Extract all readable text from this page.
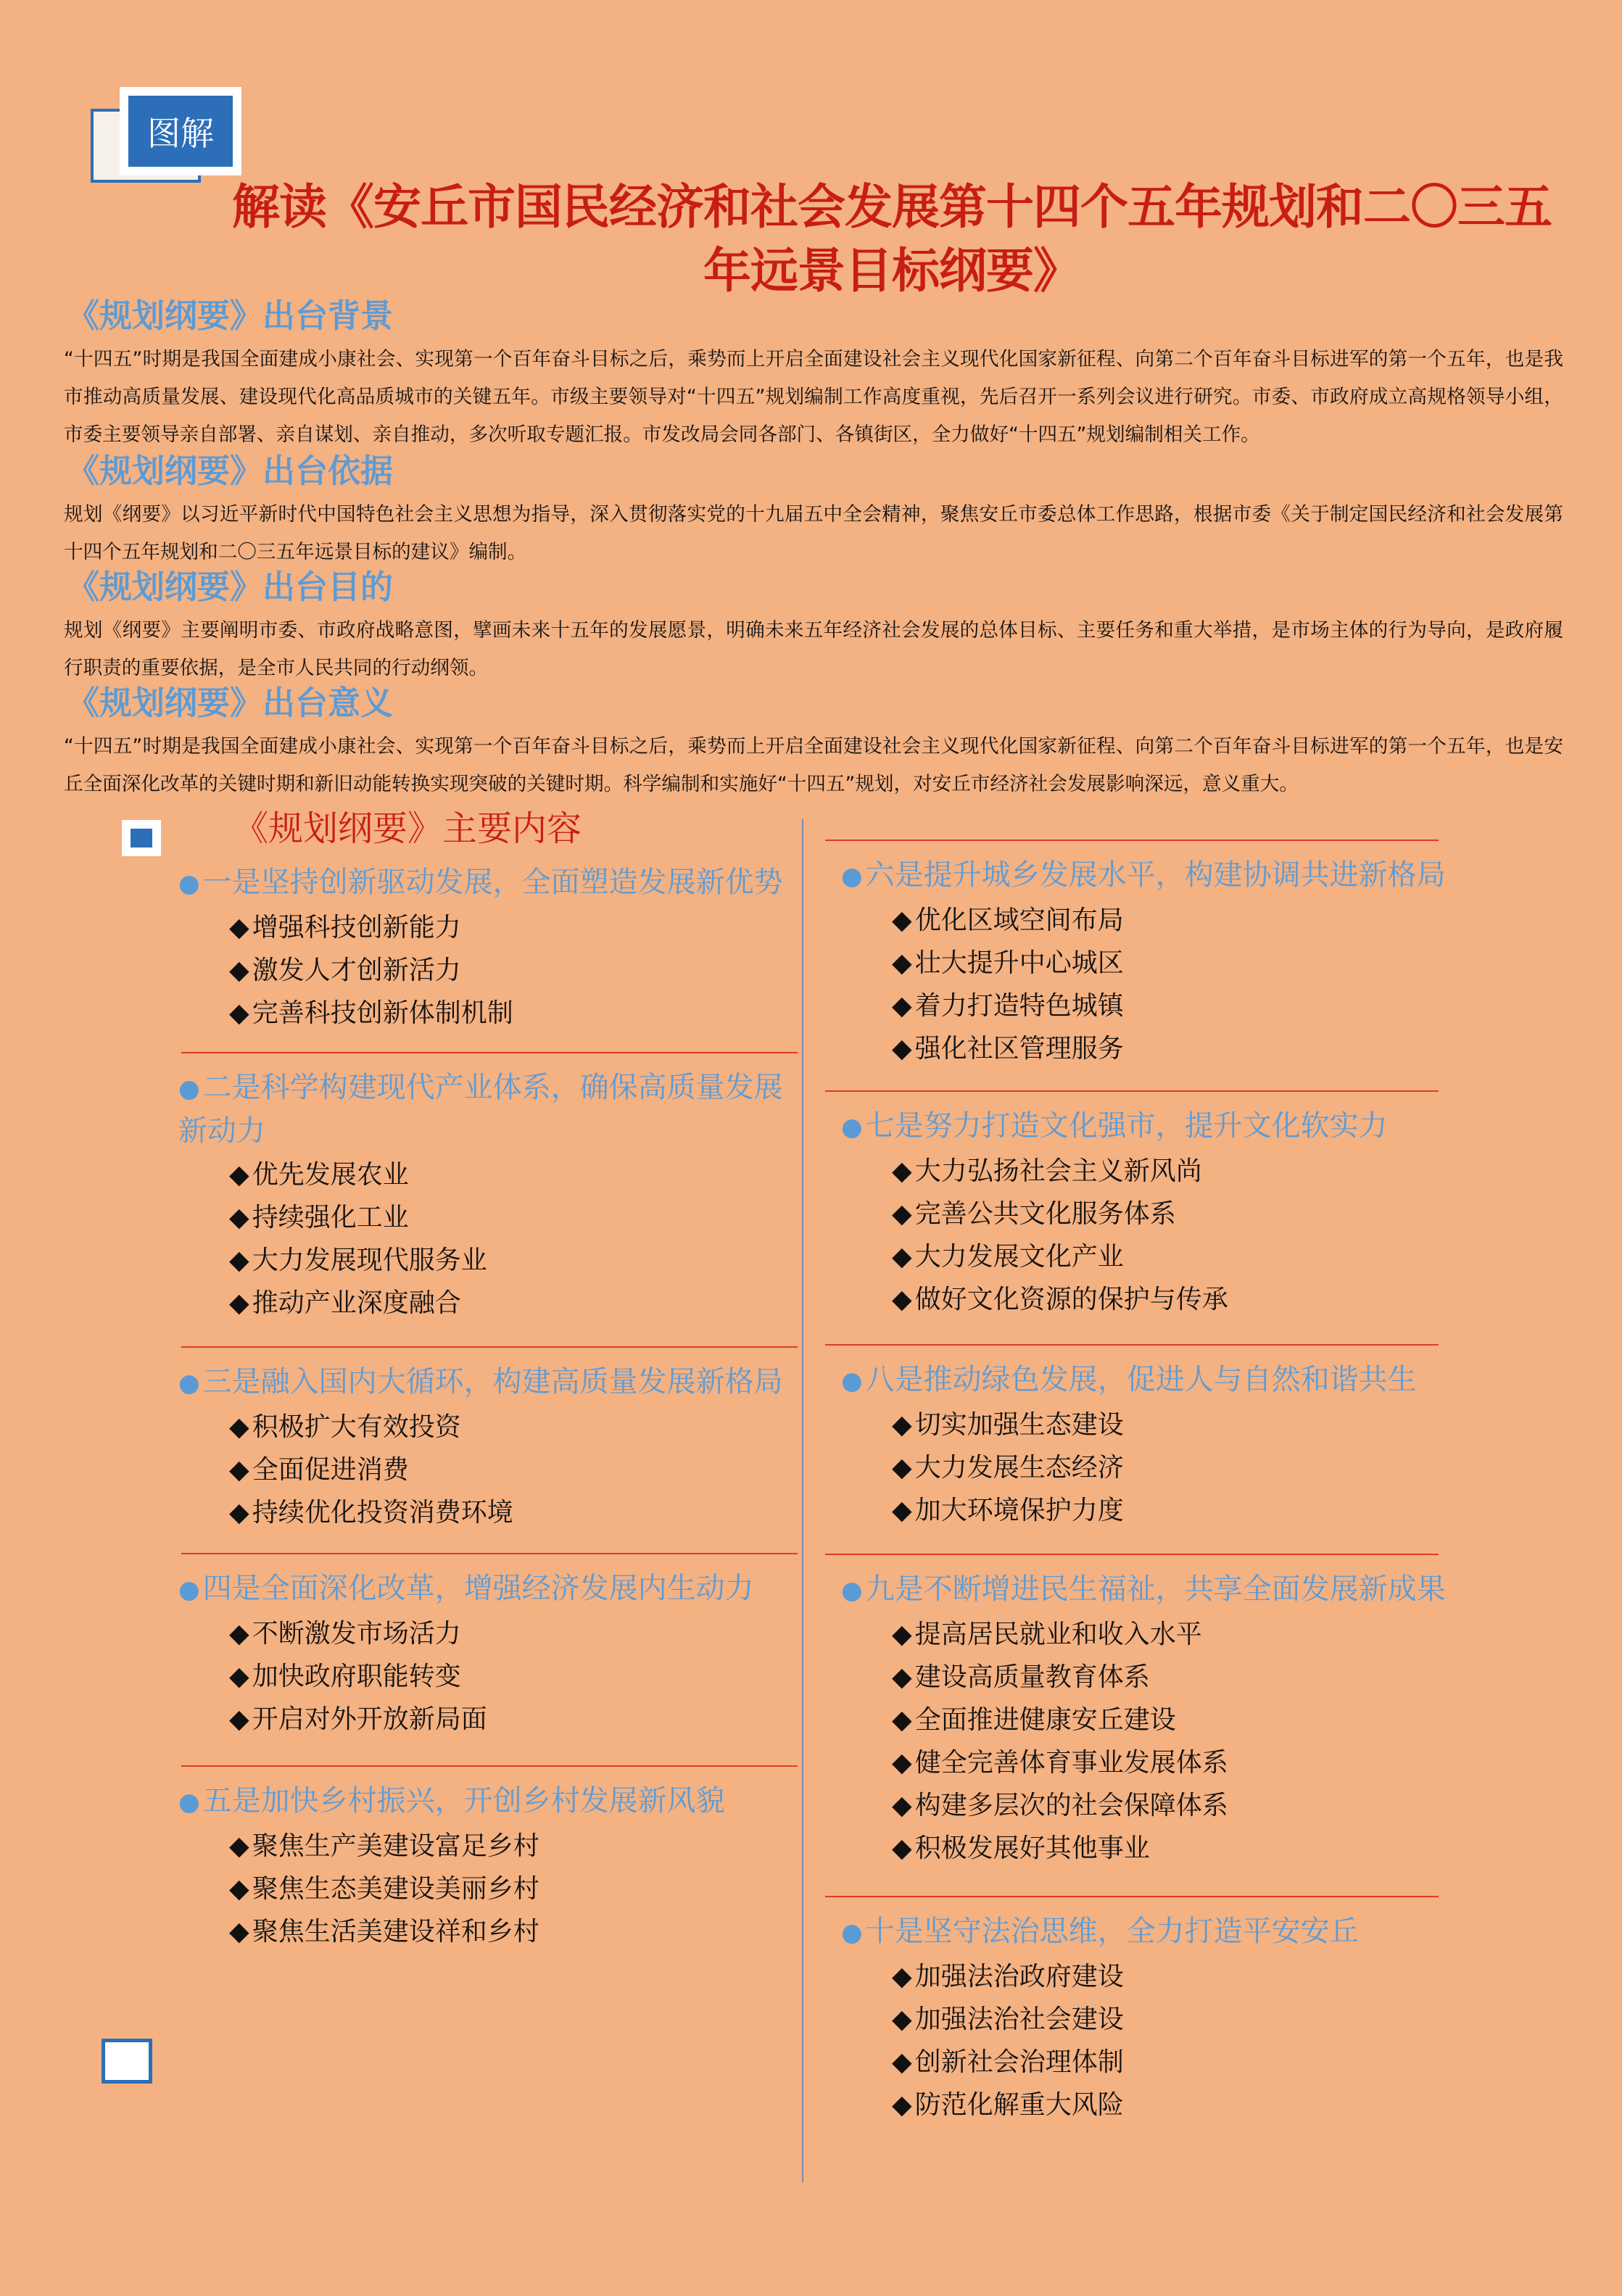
图解
解读《安丘市国民经济和社会发展第十四个五年规划和二〇三五年远景目标纲要》
《规划纲要》出台背景
“十四五”时期是我国全面建成小康社会、实现第一个百年奋斗目标之后，乘势而上开启全面建设社会主义现代化国家新征程、向第二个百年奋斗目标进军的第一个五年，也是我市推动高质量发展、建设现代化高品质城市的关键五年。市级主要领导对“十四五”规划编制工作高度重视，先后召开一系列会议进行研究。市委、市政府成立高规格领导小组，市委主要领导亲自部署、亲自谋划、亲自推动，多次听取专题汇报。市发改局会同各部门、各镇街区，全力做好“十四五”规划编制相关工作。
《规划纲要》出台依据
规划《纲要》以习近平新时代中国特色社会主义思想为指导，深入贯彻落实党的十九届五中全会精神，聚焦安丘市委总体工作思路，根据市委《关于制定国民经济和社会发展第十四个五年规划和二〇三五年远景目标的建议》编制。
《规划纲要》出台目的
规划《纲要》主要阐明市委、市政府战略意图，擘画未来十五年的发展愿景，明确未来五年经济社会发展的总体目标、主要任务和重大举措，是市场主体的行为导向，是政府履行职责的重要依据，是全市人民共同的行动纲领。
《规划纲要》出台意义
“十四五”时期是我国全面建成小康社会、实现第一个百年奋斗目标之后，乘势而上开启全面建设社会主义现代化国家新征程、向第二个百年奋斗目标进军的第一个五年，也是安丘全面深化改革的关键时期和新旧动能转换实现突破的关键时期。科学编制和实施好“十四五”规划，对安丘市经济社会发展影响深远，意义重大。
《规划纲要》主要内容
● 一是坚持创新驱动发展，全面塑造发展新优势
◆ 增强科技创新能力
◆ 激发人才创新活力
◆ 完善科技创新体制机制
● 二是科学构建现代产业体系，确保高质量发展新动力
◆ 优先发展农业
◆ 持续强化工业
◆ 大力发展现代服务业
◆ 推动产业深度融合
● 三是融入国内大循环，构建高质量发展新格局
◆ 积极扩大有效投资
◆ 全面促进消费
◆ 持续优化投资消费环境
● 四是全面深化改革，增强经济发展内生动力
◆ 不断激发市场活力
◆ 加快政府职能转变
◆ 开启对外开放新局面
● 五是加快乡村振兴，开创乡村发展新风貌
◆ 聚焦生产美建设富足乡村
◆ 聚焦生态美建设美丽乡村
◆ 聚焦生活美建设祥和乡村
● 六是提升城乡发展水平，构建协调共进新格局
◆ 优化区域空间布局
◆ 壮大提升中心城区
◆ 着力打造特色城镇
◆ 强化社区管理服务
● 七是努力打造文化强市，提升文化软实力
◆ 大力弘扬社会主义新风尚
◆ 完善公共文化服务体系
◆ 大力发展文化产业
◆ 做好文化资源的保护与传承
● 八是推动绿色发展，促进人与自然和谐共生
◆ 切实加强生态建设
◆ 大力发展生态经济
◆ 加大环境保护力度
● 九是不断增进民生福祉，共享全面发展新成果
◆ 提高居民就业和收入水平
◆ 建设高质量教育体系
◆ 全面推进健康安丘建设
◆ 健全完善体育事业发展体系
◆ 构建多层次的社会保障体系
◆ 积极发展好其他事业
● 十是坚守法治思维，全力打造平安安丘
◆ 加强法治政府建设
◆ 加强法治社会建设
◆ 创新社会治理体制
◆ 防范化解重大风险
